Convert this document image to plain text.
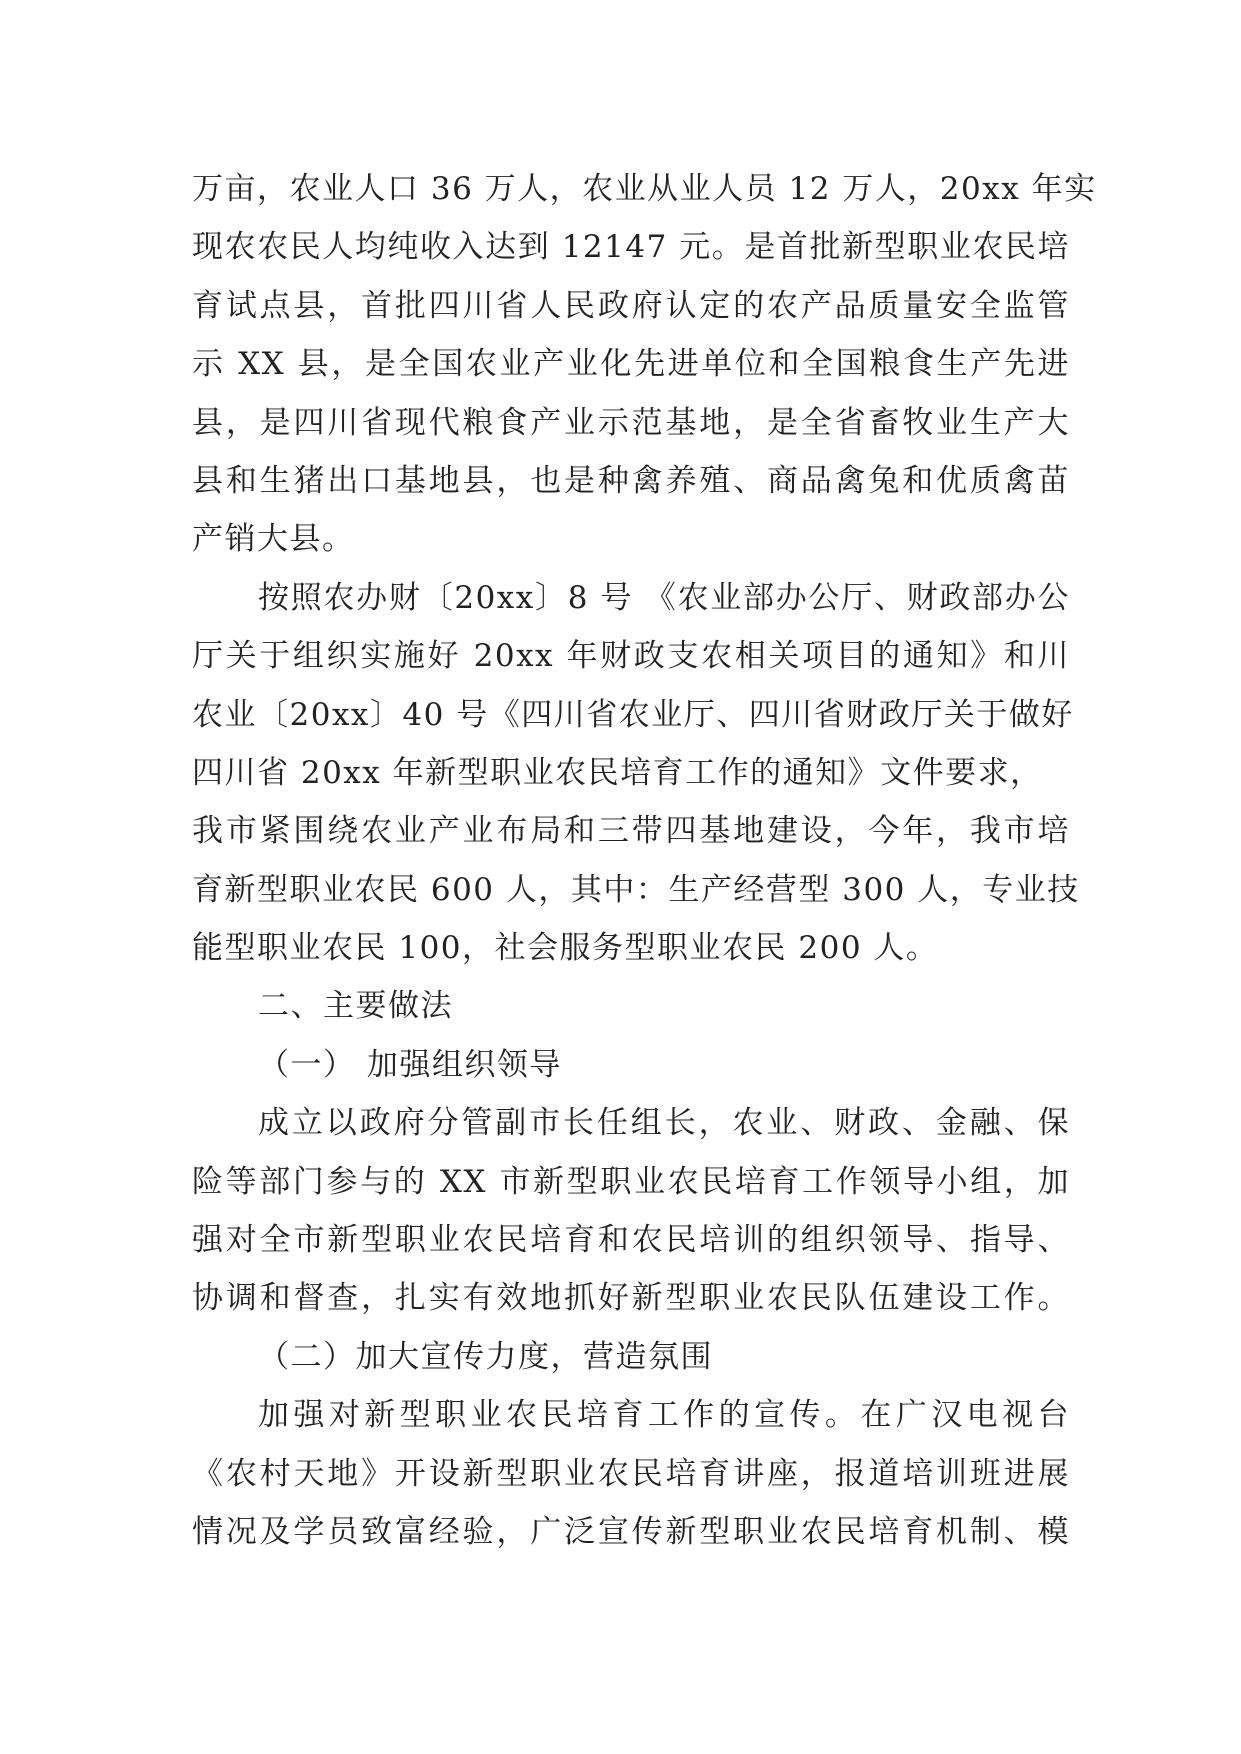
万亩，农业人口 36 万人，农业从业人员 12 万人，20xx 年实
现农农民人均纯收入达到 12147 元。是首批新型职业农民培
育试点县，首批四川省人民政府认定的农产品质量安全监管
示 XX 县，是全国农业产业化先进单位和全国粮食生产先进
县，是四川省现代粮食产业示范基地，是全省畜牧业生产大
县和生猪出口基地县，也是种禽养殖、商品禽兔和优质禽苗
产销大县。
按照农办财〔20xx〕8 号 《农业部办公厅、财政部办公
厅关于组织实施好 20xx 年财政支农相关项目的通知》和川
农业〔20xx〕40 号《四川省农业厅、四川省财政厅关于做好
四川省 20xx 年新型职业农民培育工作的通知》文件要求，
我市紧围绕农业产业布局和三带四基地建设，今年，我市培
育新型职业农民 600 人，其中：生产经营型 300 人，专业技
能型职业农民 100，社会服务型职业农民 200 人。
二、主要做法
（一） 加强组织领导
成立以政府分管副市长任组长，农业、财政、金融、保
险等部门参与的 XX 市新型职业农民培育工作领导小组，加
强对全市新型职业农民培育和农民培训的组织领导、指导、
协调和督查，扎实有效地抓好新型职业农民队伍建设工作。
（二）加大宣传力度，营造氛围
加强对新型职业农民培育工作的宣传。在广汉电视台
《农村天地》开设新型职业农民培育讲座，报道培训班进展
情况及学员致富经验，广泛宣传新型职业农民培育机制、模
